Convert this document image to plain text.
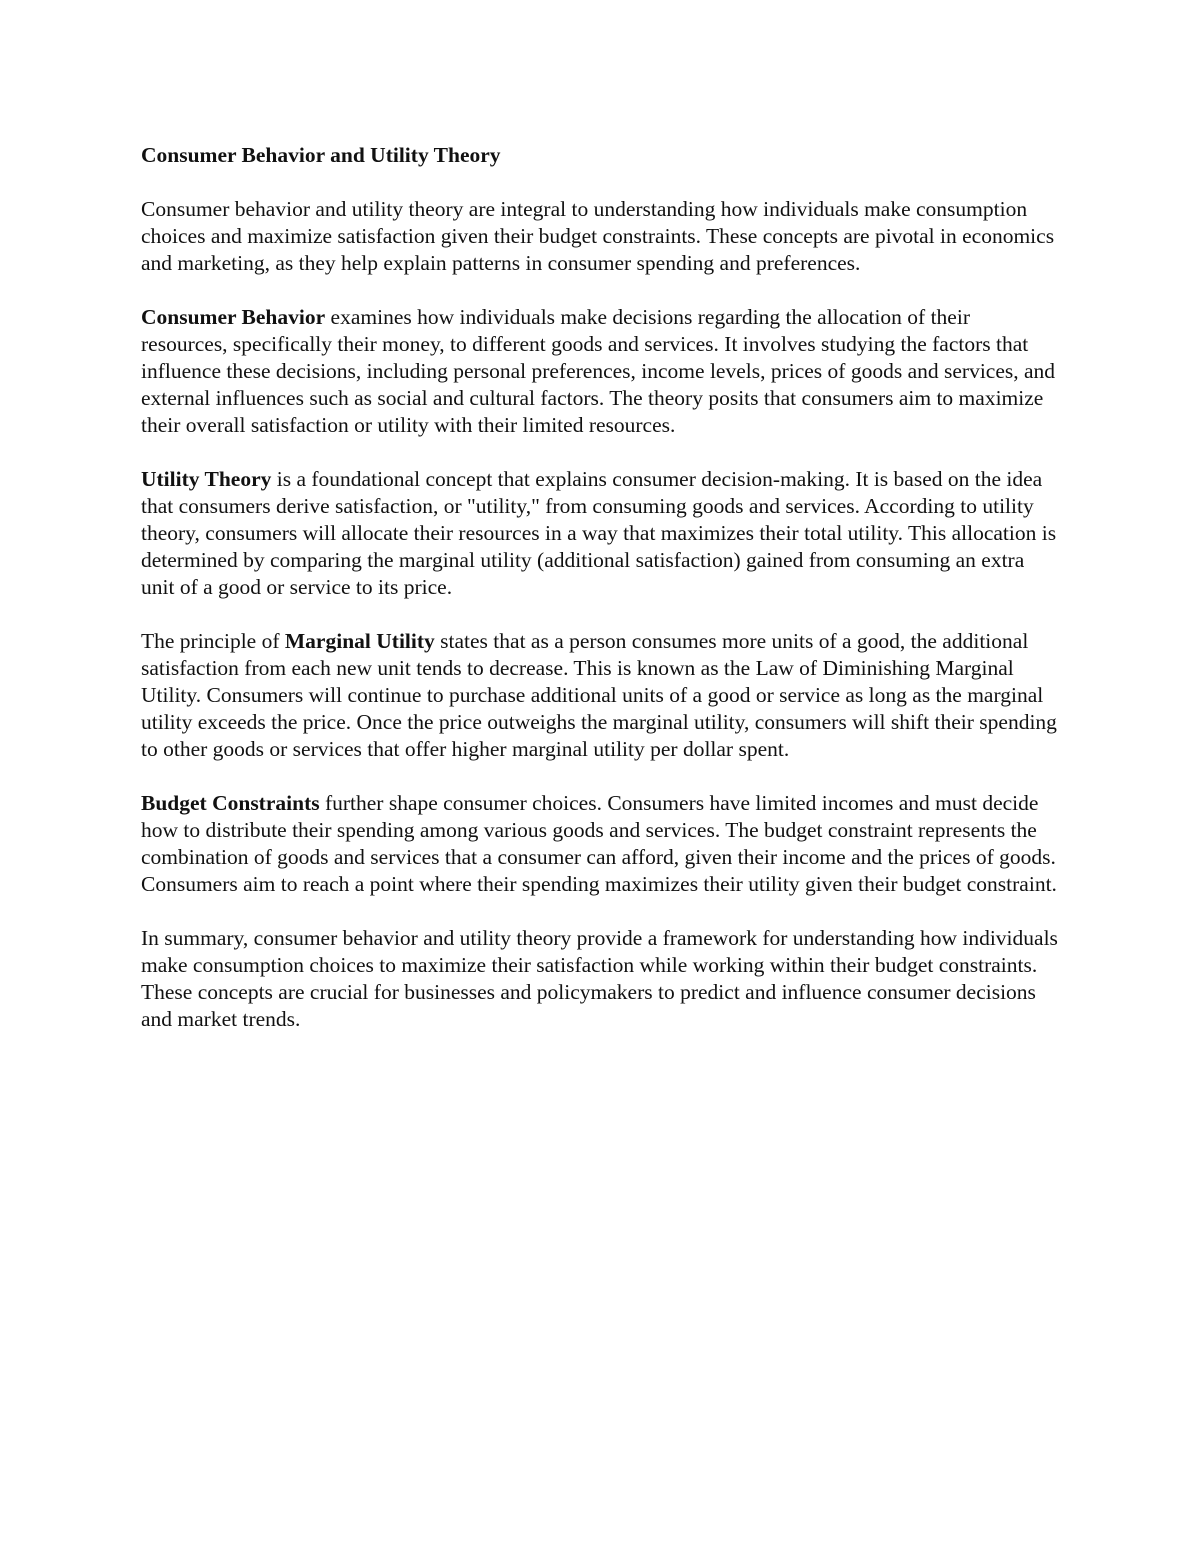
Consumer Behavior and Utility Theory

Consumer behavior and utility theory are integral to understanding how individuals make consumption choices and maximize satisfaction given their budget constraints. These concepts are pivotal in economics and marketing, as they help explain patterns in consumer spending and preferences.

Consumer Behavior examines how individuals make decisions regarding the allocation of their resources, specifically their money, to different goods and services. It involves studying the factors that influence these decisions, including personal preferences, income levels, prices of goods and services, and external influences such as social and cultural factors. The theory posits that consumers aim to maximize their overall satisfaction or utility with their limited resources.

Utility Theory is a foundational concept that explains consumer decision-making. It is based on the idea that consumers derive satisfaction, or "utility," from consuming goods and services. According to utility theory, consumers will allocate their resources in a way that maximizes their total utility. This allocation is determined by comparing the marginal utility (additional satisfaction) gained from consuming an extra unit of a good or service to its price.

The principle of Marginal Utility states that as a person consumes more units of a good, the additional satisfaction from each new unit tends to decrease. This is known as the Law of Diminishing Marginal Utility. Consumers will continue to purchase additional units of a good or service as long as the marginal utility exceeds the price. Once the price outweighs the marginal utility, consumers will shift their spending to other goods or services that offer higher marginal utility per dollar spent.

Budget Constraints further shape consumer choices. Consumers have limited incomes and must decide how to distribute their spending among various goods and services. The budget constraint represents the combination of goods and services that a consumer can afford, given their income and the prices of goods. Consumers aim to reach a point where their spending maximizes their utility given their budget constraint.

In summary, consumer behavior and utility theory provide a framework for understanding how individuals make consumption choices to maximize their satisfaction while working within their budget constraints. These concepts are crucial for businesses and policymakers to predict and influence consumer decisions and market trends.
